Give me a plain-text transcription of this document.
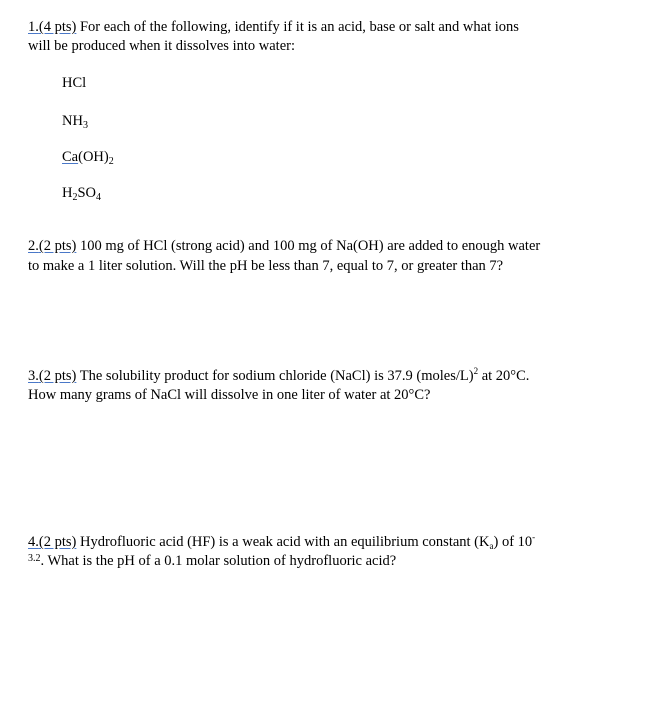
1.(4 pts) For each of the following, identify if it is an acid, base or salt and what ions
will be produced when it dissolves into water:
HCl
$NH_3$
$Ca(OH)_2$
$H_2SO_4$
2.(2 pts) 100 mg of HCl (strong acid) and 100 mg of Na(OH) are added to enough water
to make a 1 liter solution. Will the pH be less than 7, equal to 7, or greater than 7?
3.(2 pts) The solubility product for sodium chloride (NaCl) is 37.9 (moles/L)$^2$ at 20°C.
How many grams of NaCl will dissolve in one liter of water at 20°C?
4.(2 pts) Hydrofluoric acid (HF) is a weak acid with an equilibrium constant $(K_a)$ of 10-
$^{3.2}$. What is the pH of a 0.1 molar solution of hydrofluoric acid?
